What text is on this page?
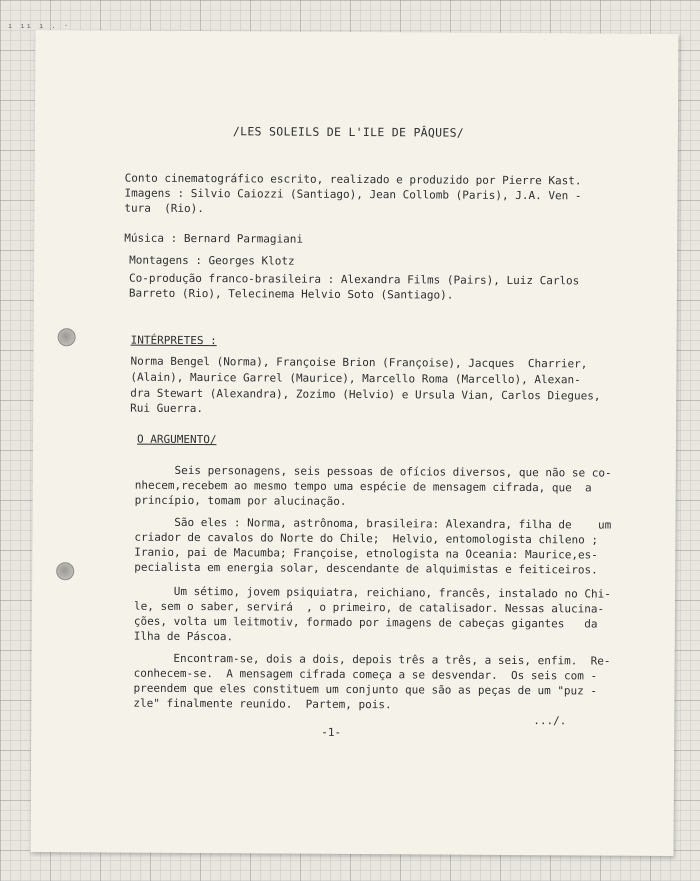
ı ıı ı . ·
/LES SOLEILS DE L'ILE DE PÂQUES/
Conto cinematográfico escrito, realizado e produzido por Pierre Kast.
Imagens : Silvio Caiozzi (Santiago), Jean Collomb (Paris), J.A. Ven -
tura  (Rio).
Música : Bernard Parmagiani
Montagens : Georges Klotz
Co-produção franco-brasileira : Alexandra Films (Pairs), Luiz Carlos
Barreto (Rio), Telecinema Helvio Soto (Santiago).
INTÉRPRETES :
Norma Bengel (Norma), Françoise Brion (Françoise), Jacques  Charrier,
(Alain), Maurice Garrel (Maurice), Marcello Roma (Marcello), Alexan-
dra Stewart (Alexandra), Zozimo (Helvio) e Ursula Vian, Carlos Diegues,
Rui Guerra.
O ARGUMENTO/
Seis personagens, seis pessoas de ofícios diversos, que não se co-
nhecem,recebem ao mesmo tempo uma espécie de mensagem cifrada, que  a
princípio, tomam por alucinação.
São eles : Norma, astrônoma, brasileira: Alexandra, filha de    um
criador de cavalos do Norte do Chile;  Helvio, entomologista chileno ;
Iranio, pai de Macumba; Françoise, etnologista na Oceania: Maurice,es-
pecialista em energia solar, descendante de alquimistas e feiticeiros.
Um sétimo, jovem psiquiatra, reichiano, francês, instalado no Chi-
le, sem o saber, servirá  , o primeiro, de catalisador. Nessas alucina-
ções, volta um leitmotiv, formado por imagens de cabeças gigantes   da
Ilha de Páscoa.
Encontram-se, dois a dois, depois três a três, a seis, enfim.  Re-
conhecem-se.  A mensagem cifrada começa a se desvendar.  Os seis com -
preendem que eles constituem um conjunto que são as peças de um "puz -
zle" finalmente reunido.  Partem, pois.
.../.
-1-
